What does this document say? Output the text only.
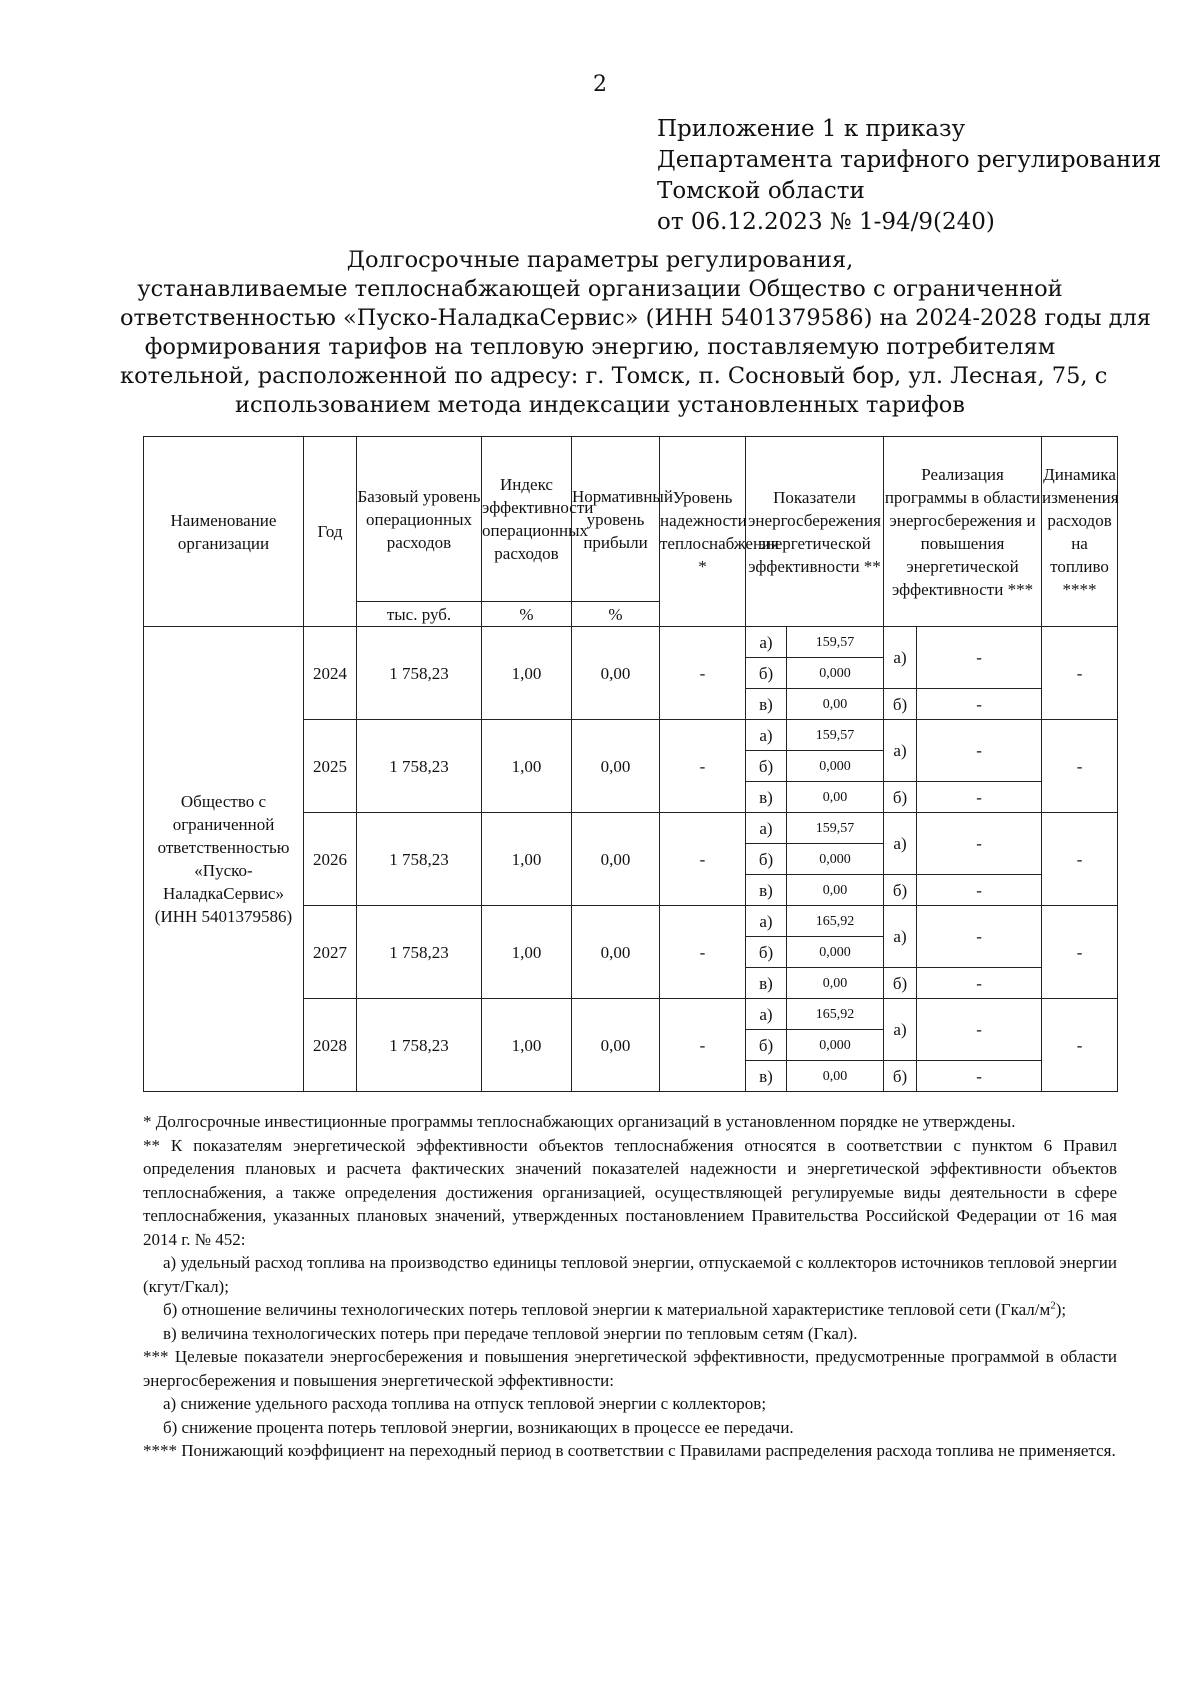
2
Приложение 1 к приказу
Департамента тарифного регулирования
Томской области
от 06.12.2023 № 1-94/9(240)
Долгосрочные параметры регулирования,
устанавливаемые теплоснабжающей организации Общество с ограниченной
ответственностью «Пуско-НаладкаСервис» (ИНН 5401379586) на 2024-2028 годы для
формирования тарифов на тепловую энергию, поставляемую потребителям
котельной, расположенной по адресу: г. Томск, п. Сосновый бор, ул. Лесная, 75, с
использованием метода индексации установленных тарифов
Наименование организации	Год	Базовый уровень операционных расходов	Индекс эффективности операционных расходов	Нормативный уровень прибыли	Уровень надежности теплоснабжения *	Показатели энергосбережения энергетической эффективности **		Реализация программы в области энергосбережения и повышения энергетической эффективности ***		Динамика изменения расходов на топливо ****
		тыс. руб.	%	%						
Общество с ограниченной ответственностью «Пуско-НаладкаСервис» (ИНН 5401379586)	2024	1 758,23	1,00	0,00	-	а)	159,57	а)	-	-
						б)	0,000			
						в)	0,00	б)	-	
	2025	1 758,23	1,00	0,00	-	а)	159,57	а)	-	-
						б)	0,000			
						в)	0,00	б)	-	
	2026	1 758,23	1,00	0,00	-	а)	159,57	а)	-	-
						б)	0,000			
						в)	0,00	б)	-	
	2027	1 758,23	1,00	0,00	-	а)	165,92	а)	-	-
						б)	0,000			
						в)	0,00	б)	-	
	2028	1 758,23	1,00	0,00	-	а)	165,92	а)	-	-
						б)	0,000			
						в)	0,00	б)	-	

* Долгосрочные инвестиционные программы теплоснабжающих организаций в установленном порядке не утверждены.

** К показателям энергетической эффективности объектов теплоснабжения относятся в соответствии с пунктом 6 Правил определения плановых и расчета фактических значений показателей надежности и энергетической эффективности объектов теплоснабжения, а также определения достижения организацией, осуществляющей регулируемые виды деятельности в сфере теплоснабжения, указанных плановых значений, утвержденных постановлением Правительства Российской Федерации от 16 мая 2014 г. № 452:

а) удельный расход топлива на производство единицы тепловой энергии, отпускаемой с коллекторов источников тепловой энергии (кгут/Гкал);

б) отношение величины технологических потерь тепловой энергии к материальной характеристике тепловой сети $(Гкал/м^2)$;

в) величина технологических потерь при передаче тепловой энергии по тепловым сетям (Гкал).

*** Целевые показатели энергосбережения и повышения энергетической эффективности, предусмотренные программой в области энергосбережения и повышения энергетической эффективности:

а) снижение удельного расхода топлива на отпуск тепловой энергии с коллекторов;

б) снижение процента потерь тепловой энергии, возникающих в процессе ее передачи.

**** Понижающий коэффициент на переходный период в соответствии с Правилами распределения расхода топлива не применяется.
